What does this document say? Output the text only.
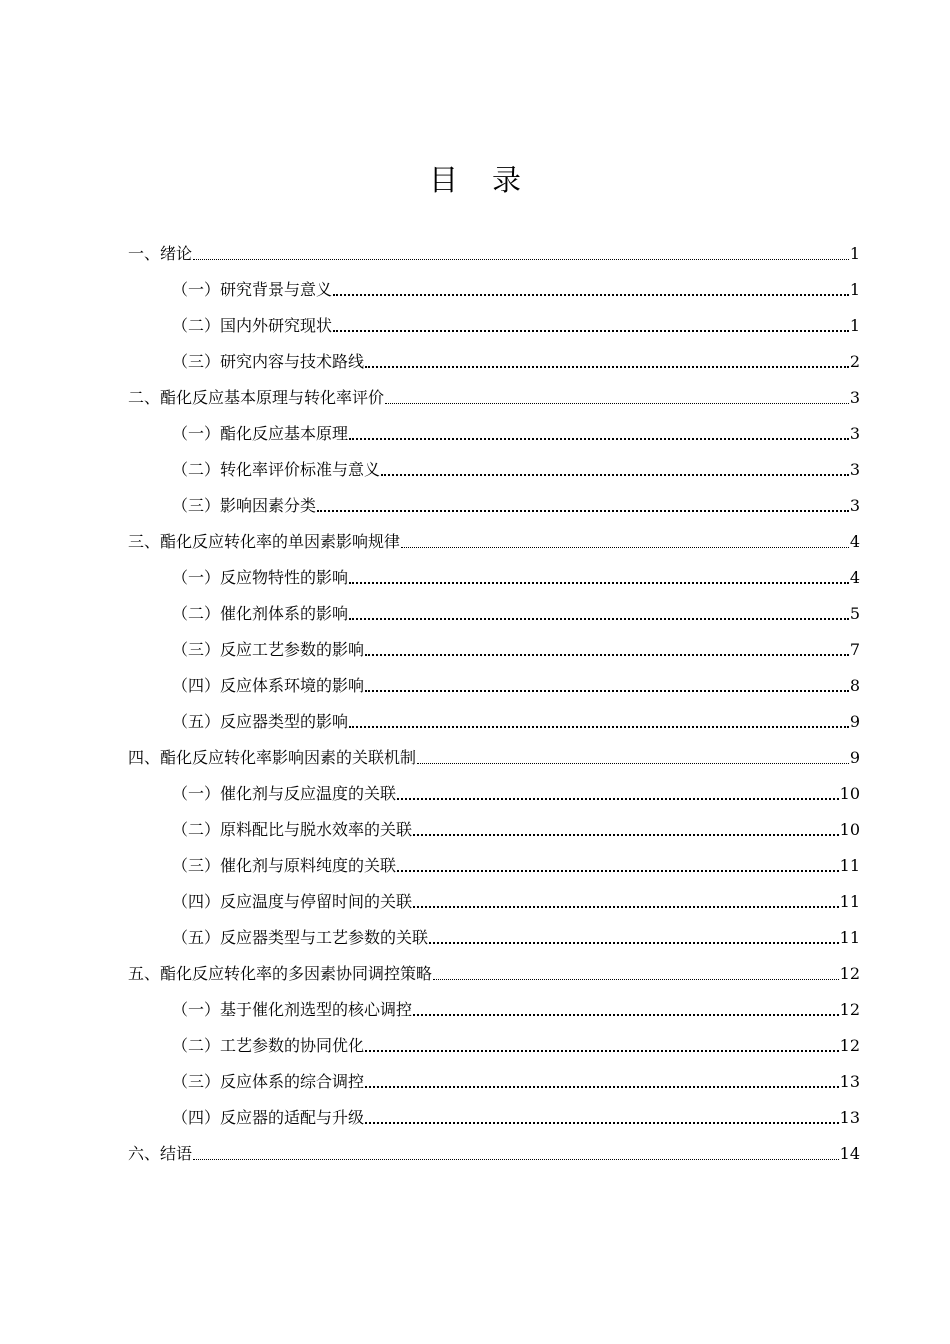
目 录
一、绪论	1
（一）研究背景与意义	1
（二）国内外研究现状	1
（三）研究内容与技术路线	2
二、酯化反应基本原理与转化率评价	3
（一）酯化反应基本原理	3
（二）转化率评价标准与意义	3
（三）影响因素分类	3
三、酯化反应转化率的单因素影响规律	4
（一）反应物特性的影响	4
（二）催化剂体系的影响	5
（三）反应工艺参数的影响	7
（四）反应体系环境的影响	8
（五）反应器类型的影响	9
四、酯化反应转化率影响因素的关联机制	9
（一）催化剂与反应温度的关联	10
（二）原料配比与脱水效率的关联	10
（三）催化剂与原料纯度的关联	11
（四）反应温度与停留时间的关联	11
（五）反应器类型与工艺参数的关联	11
五、酯化反应转化率的多因素协同调控策略	12
（一）基于催化剂选型的核心调控	12
（二）工艺参数的协同优化	12
（三）反应体系的综合调控	13
（四）反应器的适配与升级	13
六、结语	14
